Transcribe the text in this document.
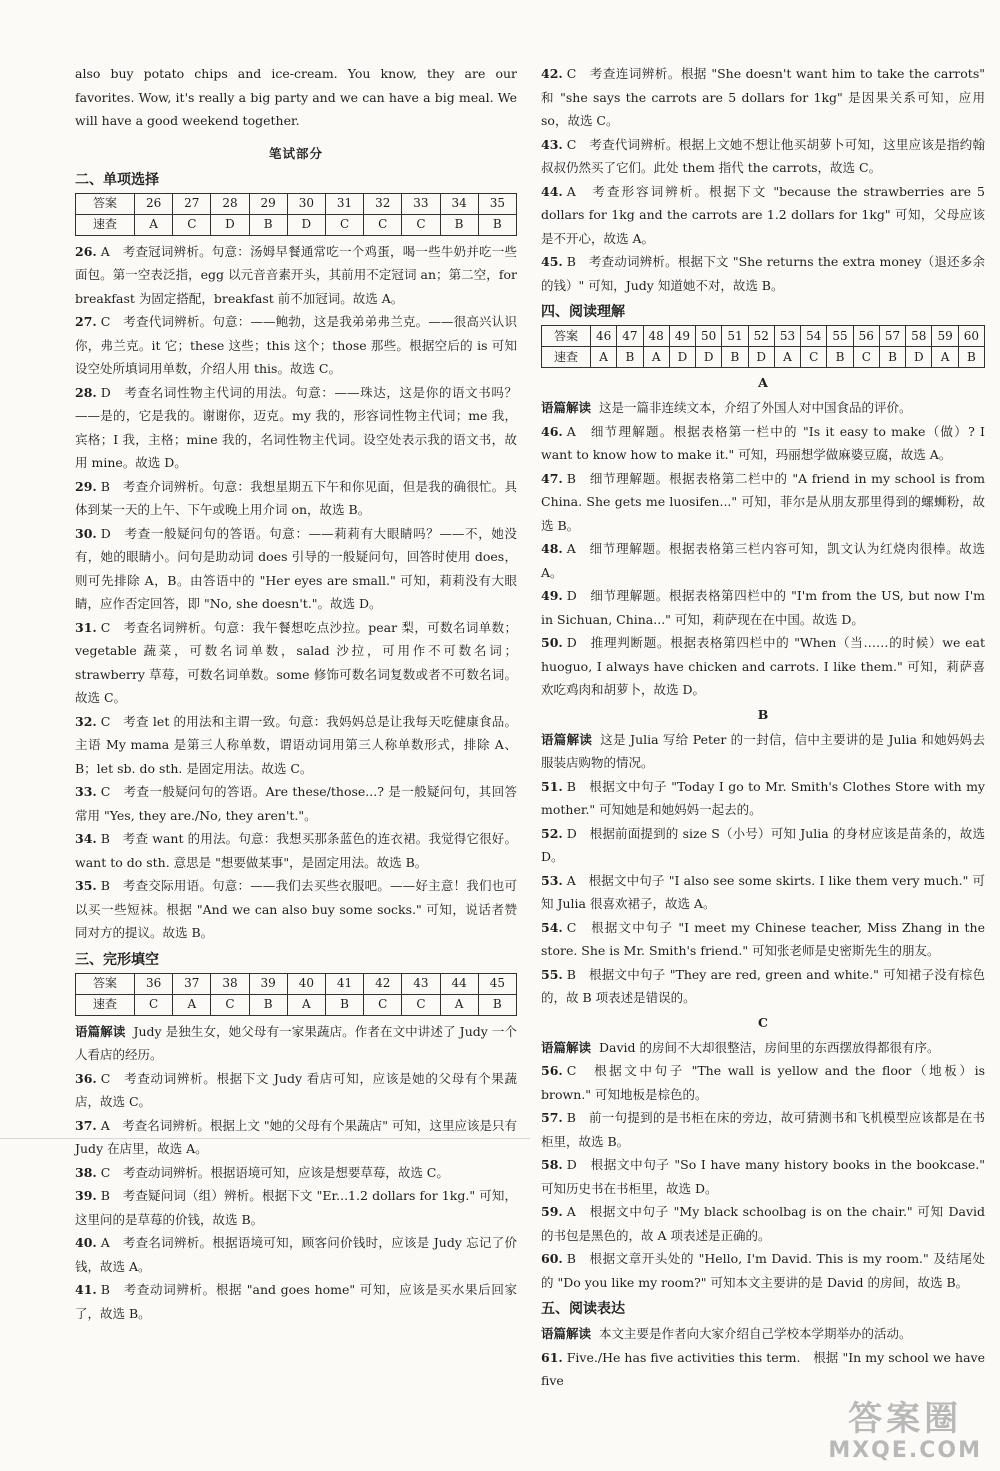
also buy potato chips and ice-cream. You know, they are our favorites. Wow, it's really a big party and we can have a big meal. We will have a good weekend together.

笔试部分
二、单项选择
答案	26	27	28	29	30	31	32	33	34	35
速查	A	C	D	B	D	C	C	C	B	B

26. A　考查冠词辨析。句意：汤姆早餐通常吃一个鸡蛋，喝一些牛奶并吃一些面包。第一空表泛指，egg 以元音音素开头，其前用不定冠词 an；第二空，for breakfast 为固定搭配，breakfast 前不加冠词。故选 A。

27. C　考查代词辨析。句意：——鲍勃，这是我弟弟弗兰克。——很高兴认识你，弗兰克。it 它；these 这些；this 这个；those 那些。根据空后的 is 可知设空处所填词用单数，介绍人用 this。故选 C。

28. D　考查名词性物主代词的用法。句意：——珠达，这是你的语文书吗？——是的，它是我的。谢谢你，迈克。my 我的，形容词性物主代词；me 我，宾格；I 我，主格；mine 我的，名词性物主代词。设空处表示我的语文书，故用 mine。故选 D。

29. B　考查介词辨析。句意：我想星期五下午和你见面，但是我的确很忙。具体到某一天的上午、下午或晚上用介词 on，故选 B。

30. D　考查一般疑问句的答语。句意：——莉莉有大眼睛吗？——不，她没有，她的眼睛小。问句是助动词 does 引导的一般疑问句，回答时使用 does，则可先排除 A，B。由答语中的 "Her eyes are small." 可知，莉莉没有大眼睛，应作否定回答，即 "No, she doesn't."。故选 D。

31. C　考查名词辨析。句意：我午餐想吃点沙拉。pear 梨，可数名词单数；vegetable 蔬菜，可数名词单数，salad 沙拉，可用作不可数名词；strawberry 草莓，可数名词单数。some 修饰可数名词复数或者不可数名词。故选 C。

32. C　考查 let 的用法和主谓一致。句意：我妈妈总是让我每天吃健康食品。主语 My mama 是第三人称单数，谓语动词用第三人称单数形式，排除 A、B；let sb. do sth. 是固定用法。故选 C。

33. C　考查一般疑问句的答语。Are these/those...? 是一般疑问句，其回答常用 "Yes, they are./No, they aren't."。

34. B　考查 want 的用法。句意：我想买那条蓝色的连衣裙。我觉得它很好。want to do sth. 意思是 "想要做某事"，是固定用法。故选 B。

35. B　考查交际用语。句意：——我们去买些衣服吧。——好主意！我们也可以买一些短袜。根据 "And we can also buy some socks." 可知，说话者赞同对方的提议。故选 B。

三、完形填空
答案	36	37	38	39	40	41	42	43	44	45
速查	C	A	C	B	A	B	C	C	A	B

语篇解读 Judy 是独生女，她父母有一家果蔬店。作者在文中讲述了 Judy 一个人看店的经历。

36. C　考查动词辨析。根据下文 Judy 看店可知，应该是她的父母有个果蔬店，故选 C。

37. A　考查名词辨析。根据上文 "她的父母有个果蔬店" 可知，这里应该是只有 Judy 在店里，故选 A。

38. C　考查动词辨析。根据语境可知，应该是想要草莓，故选 C。

39. B　考查疑问词（组）辨析。根据下文 "Er...1.2 dollars for 1kg." 可知，这里问的是草莓的价钱，故选 B。

40. A　考查名词辨析。根据语境可知，顾客问价钱时，应该是 Judy 忘记了价钱，故选 A。

41. B　考查动词辨析。根据 "and goes home" 可知，应该是买水果后回家了，故选 B。

42. C　考查连词辨析。根据 "She doesn't want him to take the carrots" 和 "she says the carrots are 5 dollars for 1kg" 是因果关系可知，应用 so，故选 C。

43. C　考查代词辨析。根据上文她不想让他买胡萝卜可知，这里应该是指约翰叔叔仍然买了它们。此处 them 指代 the carrots，故选 C。

44. A　考查形容词辨析。根据下文 "because the strawberries are 5 dollars for 1kg and the carrots are 1.2 dollars for 1kg" 可知，父母应该是不开心，故选 A。

45. B　考查动词辨析。根据下文 "She returns the extra money（退还多余的钱）" 可知，Judy 知道她不对，故选 B。

四、阅读理解
答案	46	47	48	49	50	51	52	53	54	55	56	57	58	59	60
速查	A	B	A	D	D	B	D	A	C	B	C	B	D	A	B
A

语篇解读 这是一篇非连续文本，介绍了外国人对中国食品的评价。

46. A　细节理解题。根据表格第一栏中的 "Is it easy to make（做）? I want to know how to make it." 可知，玛丽想学做麻婆豆腐，故选 A。

47. B　细节理解题。根据表格第二栏中的 "A friend in my school is from China. She gets me luosifen..." 可知，菲尔是从朋友那里得到的螺蛳粉，故选 B。

48. A　细节理解题。根据表格第三栏内容可知，凯文认为红烧肉很棒。故选 A。

49. D　细节理解题。根据表格第四栏中的 "I'm from the US, but now I'm in Sichuan, China..." 可知，莉萨现在在中国。故选 D。

50. D　推理判断题。根据表格第四栏中的 "When（当……的时候）we eat huoguo, I always have chicken and carrots. I like them." 可知，莉萨喜欢吃鸡肉和胡萝卜，故选 D。

B

语篇解读 这是 Julia 写给 Peter 的一封信，信中主要讲的是 Julia 和她妈妈去服装店购物的情况。

51. B　根据文中句子 "Today I go to Mr. Smith's Clothes Store with my mother." 可知她是和她妈妈一起去的。

52. D　根据前面提到的 size S（小号）可知 Julia 的身材应该是苗条的，故选 D。

53. A　根据文中句子 "I also see some skirts. I like them very much." 可知 Julia 很喜欢裙子，故选 A。

54. C　根据文中句子 "I meet my Chinese teacher, Miss Zhang in the store. She is Mr. Smith's friend." 可知张老师是史密斯先生的朋友。

55. B　根据文中句子 "They are red, green and white." 可知裙子没有棕色的，故 B 项表述是错误的。

C

语篇解读 David 的房间不大却很整洁，房间里的东西摆放得都很有序。

56. C　根据文中句子 "The wall is yellow and the floor（地板）is brown." 可知地板是棕色的。

57. B　前一句提到的是书柜在床的旁边，故可猜测书和飞机模型应该都是在书柜里，故选 B。

58. D　根据文中句子 "So I have many history books in the bookcase." 可知历史书在书柜里，故选 D。

59. A　根据文中句子 "My black schoolbag is on the chair." 可知 David 的书包是黑色的，故 A 项表述是正确的。

60. B　根据文章开头处的 "Hello, I'm David. This is my room." 及结尾处的 "Do you like my room?" 可知本文主要讲的是 David 的房间，故选 B。

五、阅读表达

语篇解读 本文主要是作者向大家介绍自己学校本学期举办的活动。

61. Five./He has five activities this term.　根据 "In my school we have five

答案圈
MXQE.COM
